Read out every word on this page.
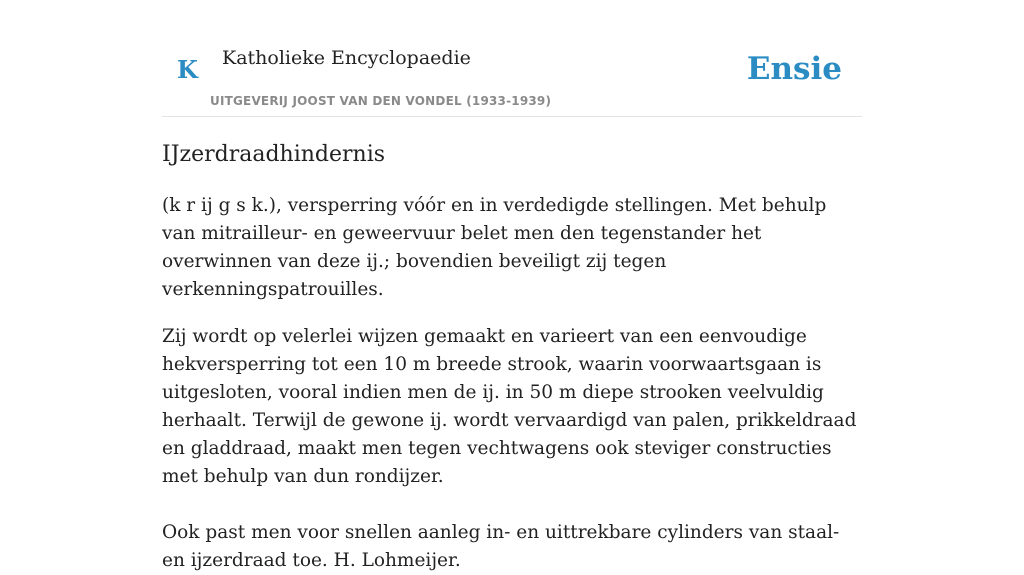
K Katholieke Encyclopaedie
UITGEVERIJ JOOST VAN DEN VONDEL (1933-1939)
Ensie
IJzerdraadhindernis

(k r ij g s k.), versperring vóór en in verdedigde stellingen. Met behulp van mitrailleur- en geweervuur belet men den tegenstander het overwinnen van deze ij.; bovendien beveiligt zij tegen verkenningspatrouilles.

Zij wordt op velerlei wijzen gemaakt en varieert van een eenvoudige hekversperring tot een 10 m breede strook, waarin voorwaartsgaan is uitgesloten, vooral indien men de ij. in 50 m diepe strooken veelvuldig herhaalt. Terwijl de gewone ij. wordt vervaardigd van palen, prikkeldraad en gladdraad, maakt men tegen vechtwagens ook steviger constructies met behulp van dun rondijzer.

Ook past men voor snellen aanleg in- en uittrekbare cylinders van staal- en ijzerdraad toe. H. Lohmeijer.
